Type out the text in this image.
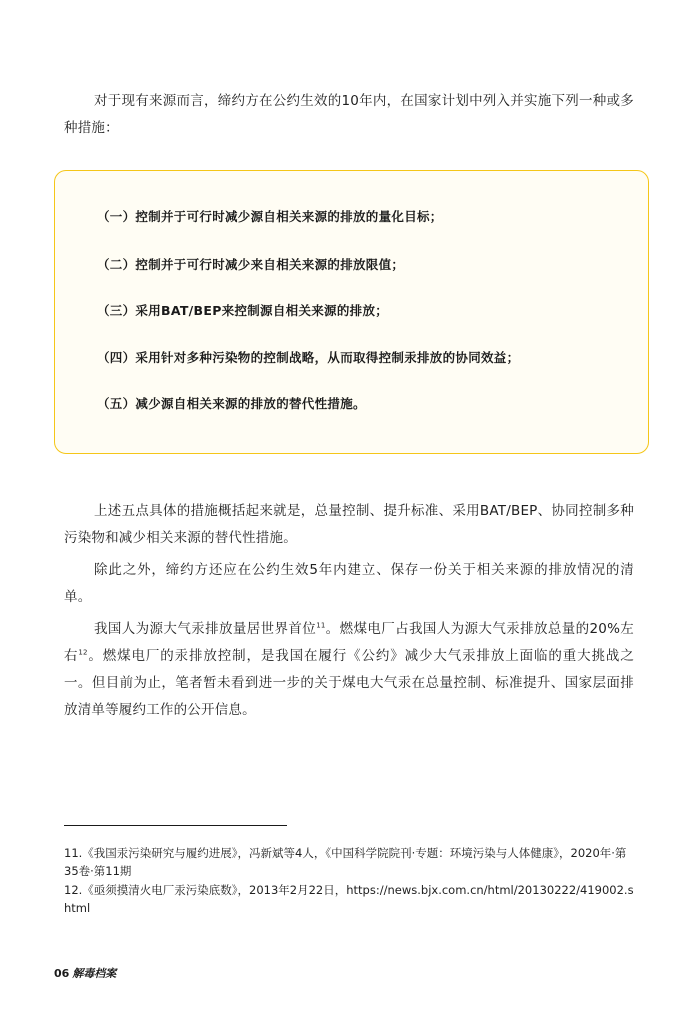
对于现有来源而言，缔约方在公约生效的10年内，在国家计划中列入并实施下列一种或多种措施：

（一）控制并于可行时减少源自相关来源的排放的量化目标；

（二）控制并于可行时减少来自相关来源的排放限值；

（三）采用BAT/BEP来控制源自相关来源的排放；

（四）采用针对多种污染物的控制战略，从而取得控制汞排放的协同效益；

（五）减少源自相关来源的排放的替代性措施。

上述五点具体的措施概括起来就是，总量控制、提升标准、采用BAT/BEP、协同控制多种污染物和减少相关来源的替代性措施。

除此之外，缔约方还应在公约生效5年内建立、保存一份关于相关来源的排放情况的清单。

我国人为源大气汞排放量居世界首位$^{11}$。燃煤电厂占我国人为源大气汞排放总量的20%左右$^{12}$。燃煤电厂的汞排放控制，是我国在履行《公约》减少大气汞排放上面临的重大挑战之一。但目前为止，笔者暂未看到进一步的关于煤电大气汞在总量控制、标准提升、国家层面排放清单等履约工作的公开信息。

11.《我国汞污染研究与履约进展》，冯新斌等4人，《中国科学院院刊·专题：环境污染与人体健康》，2020年·第35卷·第11期

12.《亟须摸清火电厂汞污染底数》，2013年2月22日，https://news.bjx.com.cn/html/20130222/419002.shtml

06 解毒档案
